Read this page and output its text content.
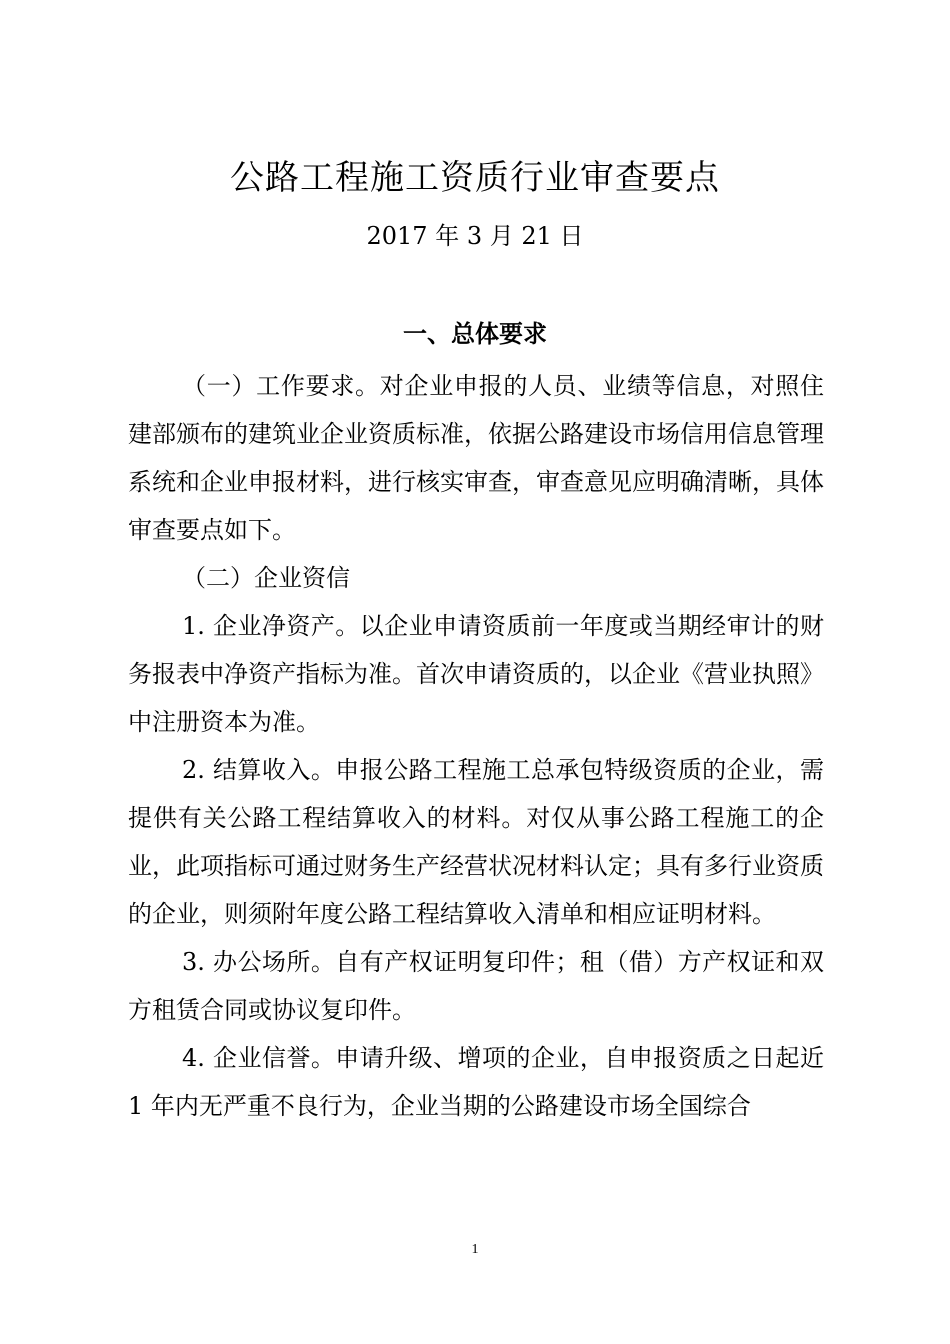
公路工程施工资质行业审查要点
2017 年 3 月 21 日
一、总体要求

（一）工作要求。对企业申报的人员、业绩等信息，对照住建部颁布的建筑业企业资质标准，依据公路建设市场信用信息管理系统和企业申报材料，进行核实审查，审查意见应明确清晰，具体审查要点如下。

（二）企业资信

1. 企业净资产。以企业申请资质前一年度或当期经审计的财务报表中净资产指标为准。首次申请资质的，以企业《营业执照》中注册资本为准。

2. 结算收入。申报公路工程施工总承包特级资质的企业，需提供有关公路工程结算收入的材料。对仅从事公路工程施工的企业，此项指标可通过财务生产经营状况材料认定；具有多行业资质的企业，则须附年度公路工程结算收入清单和相应证明材料。

3. 办公场所。自有产权证明复印件；租（借）方产权证和双方租赁合同或协议复印件。

4. 企业信誉。申请升级、增项的企业，自申报资质之日起近 1 年内无严重不良行为，企业当期的公路建设市场全国综合

1
